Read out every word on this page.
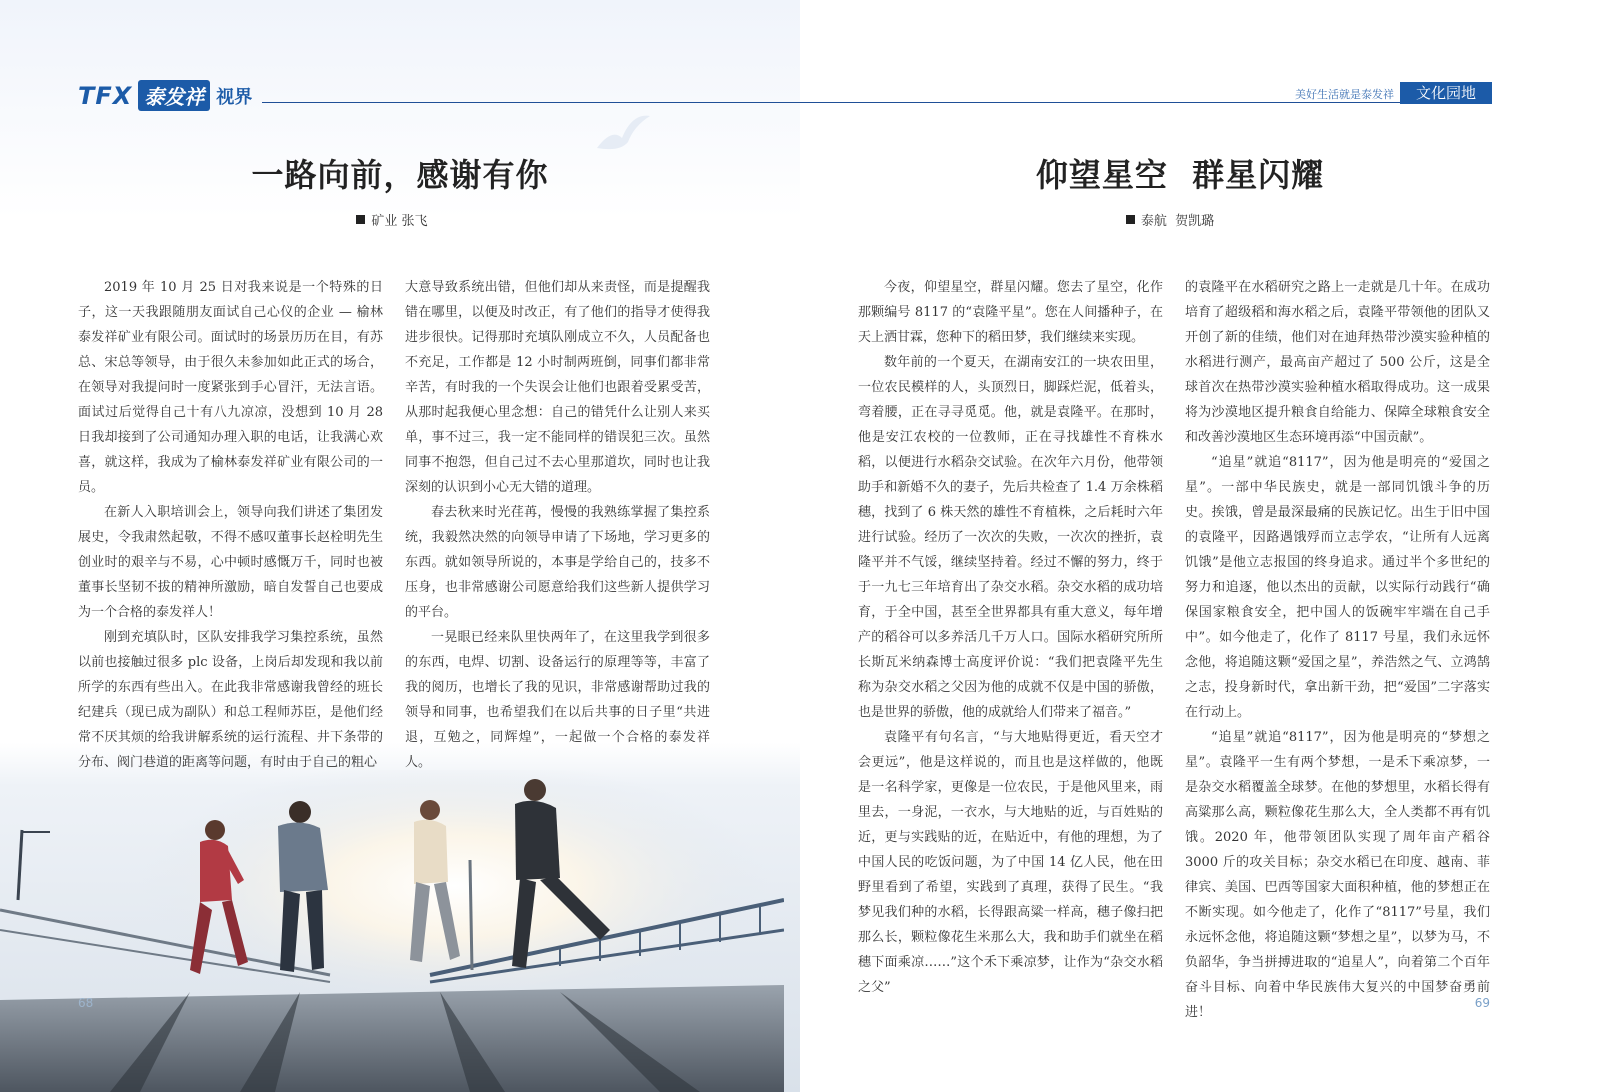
TFX 泰发祥 视界
一路向前，感谢有你
矿业 张飞

2019 年 10 月 25 日对我来说是一个特殊的日子，这一天我跟随朋友面试自己心仪的企业 — 榆林泰发祥矿业有限公司。面试时的场景历历在目，有苏总、宋总等领导，由于很久未参加如此正式的场合，在领导对我提问时一度紧张到手心冒汗，无法言语。面试过后觉得自己十有八九凉凉，没想到 10 月 28 日我却接到了公司通知办理入职的电话，让我满心欢喜，就这样，我成为了榆林泰发祥矿业有限公司的一员。

在新人入职培训会上，领导向我们讲述了集团发展史，令我肃然起敬，不得不感叹董事长赵栓明先生创业时的艰辛与不易，心中顿时感慨万千，同时也被董事长坚韧不拔的精神所激励，暗自发誓自己也要成为一个合格的泰发祥人！

刚到充填队时，区队安排我学习集控系统，虽然以前也接触过很多 plc 设备，上岗后却发现和我以前所学的东西有些出入。在此我非常感谢我曾经的班长纪建兵（现已成为副队）和总工程师苏臣，是他们经常不厌其烦的给我讲解系统的运行流程、井下条带的分布、阀门巷道的距离等问题，有时由于自己的粗心

大意导致系统出错，但他们却从来责怪，而是提醒我错在哪里，以便及时改正，有了他们的指导才使得我进步很快。记得那时充填队刚成立不久，人员配备也不充足，工作都是 12 小时制两班倒，同事们都非常辛苦，有时我的一个失误会让他们也跟着受累受苦，从那时起我便心里念想：自己的错凭什么让别人来买单，事不过三，我一定不能同样的错误犯三次。虽然同事不抱怨，但自己过不去心里那道坎，同时也让我深刻的认识到小心无大错的道理。

春去秋来时光荏苒，慢慢的我熟练掌握了集控系统，我毅然决然的向领导申请了下场地，学习更多的东西。就如领导所说的，本事是学给自己的，技多不压身，也非常感谢公司愿意给我们这些新人提供学习的平台。

一晃眼已经来队里快两年了，在这里我学到很多的东西，电焊、切割、设备运行的原理等等，丰富了我的阅历，也增长了我的见识，非常感谢帮助过我的领导和同事，也希望我们在以后共事的日子里“共进退，互勉之，同辉煌”，一起做一个合格的泰发祥人。

68
美好生活就是泰发祥	文化园地
仰望星空  群星闪耀
泰航  贺凯璐

今夜，仰望星空，群星闪耀。您去了星空，化作那颗编号 8117 的“袁隆平星”。您在人间播种子，在天上洒甘霖，您种下的稻田梦，我们继续来实现。

数年前的一个夏天，在湖南安江的一块农田里，一位农民模样的人，头顶烈日，脚踩烂泥，低着头，弯着腰，正在寻寻觅觅。他，就是袁隆平。在那时，他是安江农校的一位教师，正在寻找雄性不育株水稻，以便进行水稻杂交试验。在次年六月份，他带领助手和新婚不久的妻子，先后共检查了 1.4 万余株稻穗，找到了 6 株天然的雄性不育植株，之后耗时六年进行试验。经历了一次次的失败，一次次的挫折，袁隆平并不气馁，继续坚持着。经过不懈的努力，终于于一九七三年培育出了杂交水稻。杂交水稻的成功培育，于全中国，甚至全世界都具有重大意义，每年增产的稻谷可以多养活几千万人口。国际水稻研究所所长斯瓦米纳森博士高度评价说：“我们把袁隆平先生称为杂交水稻之父因为他的成就不仅是中国的骄傲，也是世界的骄傲，他的成就给人们带来了福音。”

袁隆平有句名言，“与大地贴得更近，看天空才会更远”，他是这样说的，而且也是这样做的，他既是一名科学家，更像是一位农民，于是他风里来，雨里去，一身泥，一衣水，与大地贴的近，与百姓贴的近，更与实践贴的近，在贴近中，有他的理想，为了中国人民的吃饭问题，为了中国 14 亿人民，他在田野里看到了希望，实践到了真理，获得了民生。“我梦见我们种的水稻，长得跟高粱一样高，穗子像扫把那么长，颗粒像花生米那么大，我和助手们就坐在稻穗下面乘凉……”这个禾下乘凉梦，让作为“杂交水稻之父”

的袁隆平在水稻研究之路上一走就是几十年。在成功培育了超级稻和海水稻之后，袁隆平带领他的团队又开创了新的佳绩，他们对在迪拜热带沙漠实验种植的水稻进行测产，最高亩产超过了 500 公斤，这是全球首次在热带沙漠实验种植水稻取得成功。这一成果将为沙漠地区提升粮食自给能力、保障全球粮食安全和改善沙漠地区生态环境再添“中国贡献”。

“追星”就追“8117”，因为他是明亮的“爱国之星”。一部中华民族史，就是一部同饥饿斗争的历史。挨饿，曾是最深最痛的民族记忆。出生于旧中国的袁隆平，因路遇饿殍而立志学农，“让所有人远离饥饿”是他立志报国的终身追求。通过半个多世纪的努力和追逐，他以杰出的贡献，以实际行动践行“确保国家粮食安全，把中国人的饭碗牢牢端在自己手中”。如今他走了，化作了 8117 号星，我们永远怀念他，将追随这颗“爱国之星”，养浩然之气、立鸿鹄之志，投身新时代，拿出新干劲，把“爱国”二字落实在行动上。

“追星”就追“8117”，因为他是明亮的“梦想之星”。袁隆平一生有两个梦想，一是禾下乘凉梦，一是杂交水稻覆盖全球梦。在他的梦想里，水稻长得有高粱那么高，颗粒像花生那么大，全人类都不再有饥饿。2020 年，他带领团队实现了周年亩产稻谷 3000 斤的攻关目标；杂交水稻已在印度、越南、菲律宾、美国、巴西等国家大面积种植，他的梦想正在不断实现。如今他走了，化作了“8117”号星，我们永远怀念他，将追随这颗“梦想之星”，以梦为马，不负韶华，争当拼搏进取的“追星人”，向着第二个百年奋斗目标、向着中华民族伟大复兴的中国梦奋勇前进！

69
